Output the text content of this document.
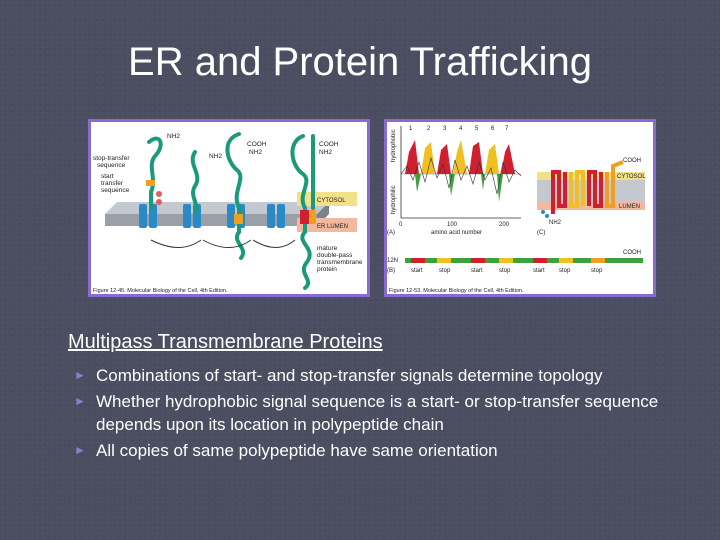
ER and Protein Trafficking
NH2
stop-transfer
sequence
start
transfer
sequence
NH2
COOH
NH2
COOH
NH2
CYTOSOL
ER LUMEN
mature
double-pass
transmembrane
protein
Figure 12-45. Molecular Biology of the Cell, 4th Edition.
hydrophobic
hydrophilic
1 2 3 4 5 6 7
0	100	200
amino acid number
(A)	(C)
COOH
CYTOSOL
LUMEN
NH2
12N
(B)
COOH
start	stop	start	stop	start stop	stop
Figure 12-53. Molecular Biology of the Cell, 4th Edition.
Multipass Transmembrane Proteins
► Combinations of start- and stop-transfer signals determine topology
► Whether hydrophobic signal sequence is a start- or stop-transfer sequence depends upon its location in polypeptide chain
► All copies of same polypeptide have same orientation
